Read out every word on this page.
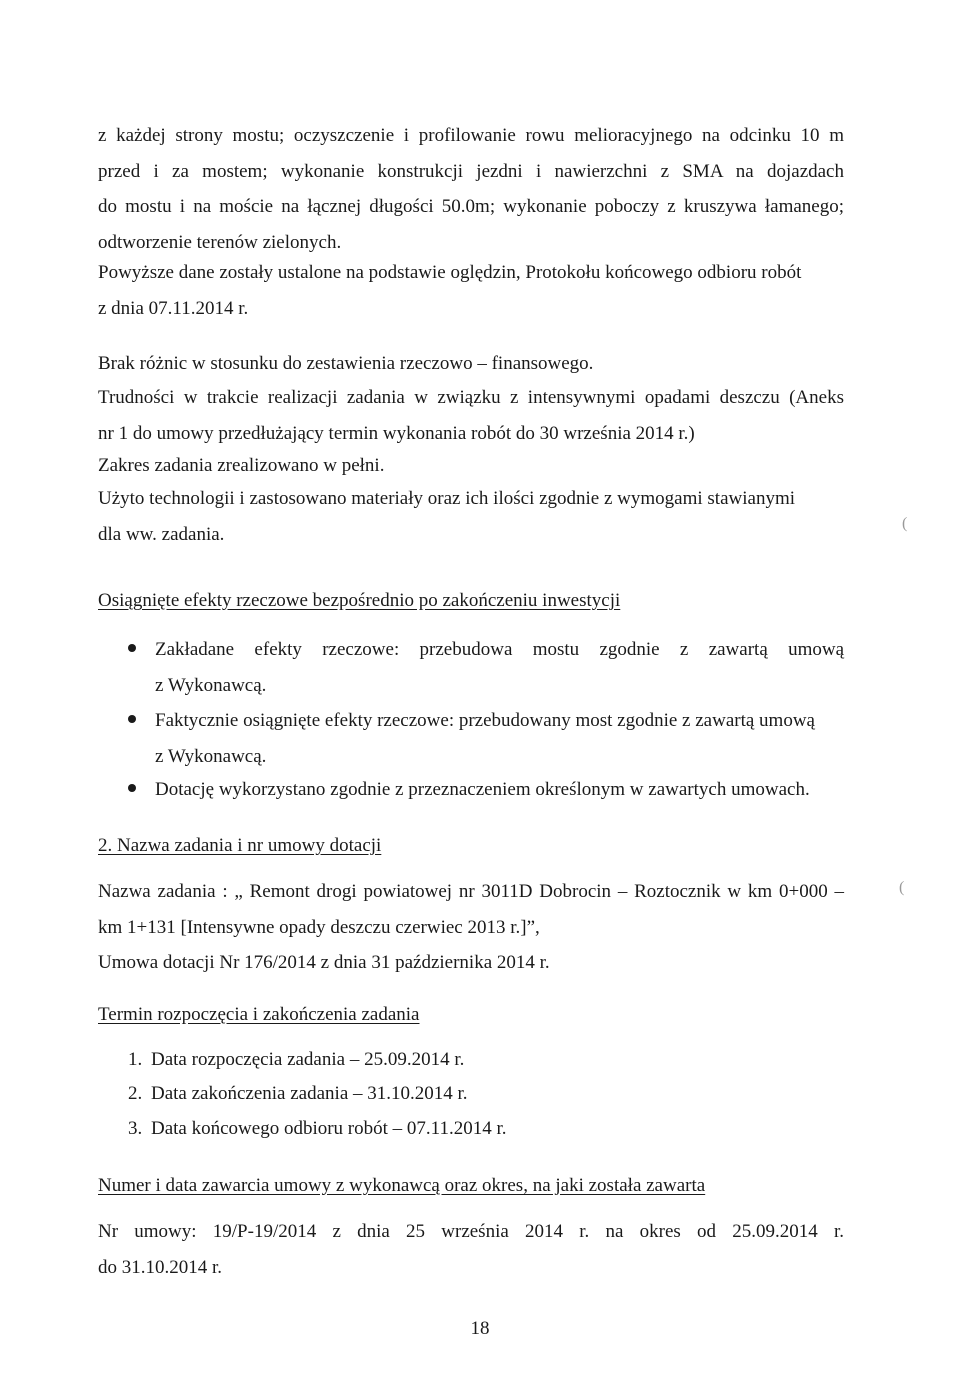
z każdej strony mostu; oczyszczenie i profilowanie rowu melioracyjnego na odcinku 10 m
przed i za mostem; wykonanie konstrukcji jezdni i nawierzchni z SMA na dojazdach
do mostu i na moście na łącznej długości 50.0m; wykonanie poboczy z kruszywa łamanego;
odtworzenie terenów zielonych.
Powyższe dane zostały ustalone na podstawie oględzin, Protokołu końcowego odbioru robót
z dnia 07.11.2014 r.
Brak różnic w stosunku do zestawienia rzeczowo – finansowego.
Trudności w trakcie realizacji zadania w związku z intensywnymi opadami deszczu (Aneks
nr 1 do umowy przedłużający termin wykonania robót do 30 września 2014 r.)
Zakres zadania zrealizowano w pełni.
Użyto technologii i zastosowano materiały oraz ich ilości zgodnie z wymogami stawianymi
dla ww. zadania.
Osiągnięte efekty rzeczowe bezpośrednio po zakończeniu inwestycji
Zakładane efekty rzeczowe: przebudowa mostu zgodnie z zawartą umową
z Wykonawcą.
Faktycznie osiągnięte efekty rzeczowe: przebudowany most zgodnie z zawartą umową
z Wykonawcą.
Dotację wykorzystano zgodnie z przeznaczeniem określonym w zawartych umowach.
2. Nazwa zadania i nr umowy dotacji
Nazwa zadania : „ Remont drogi powiatowej nr 3011D Dobrocin – Roztocznik w km 0+000 –
km 1+131 [Intensywne opady deszczu czerwiec 2013 r.]”,
Umowa dotacji Nr 176/2014 z dnia 31 października 2014 r.
Termin rozpoczęcia i zakończenia zadania
1. Data rozpoczęcia zadania – 25.09.2014 r.
2. Data zakończenia zadania – 31.10.2014 r.
3. Data końcowego odbioru robót – 07.11.2014 r.
Numer i data zawarcia umowy z wykonawcą oraz okres, na jaki została zawarta
Nr umowy: 19/P-19/2014 z dnia 25 września 2014 r. na okres od 25.09.2014 r.
do 31.10.2014 r.
18
(
(
